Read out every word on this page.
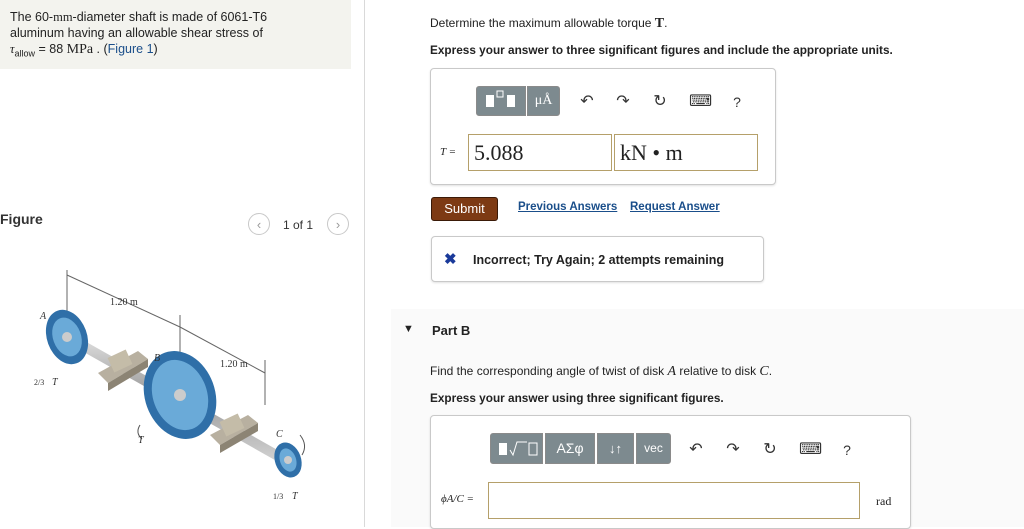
The 60-mm-diameter shaft is made of 6061-T6
aluminum having an allowable shear stress of
$\tau_{allow} = 88$ MPa . (Figure 1)
Figure	‹	1 of 1	›
1.20 m
1.20 m
A
B
C
T
T
T
2/3
1/3
Determine the maximum allowable torque T.
Express your answer to three significant figures and include the appropriate units.
μÅ	↶ ↷ ↻ ⌨	?
T = 5.088	kN • m
Submit	Previous Answers Request Answer
✖ Incorrect; Try Again; 2 attempts remaining
▼ Part B
Find the corresponding angle of twist of disk A relative to disk C.
Express your answer using three significant figures.
ΑΣφ	↓↑	vec	↶ ↷ ↻ ⌨	?
ϕA/C =	rad
